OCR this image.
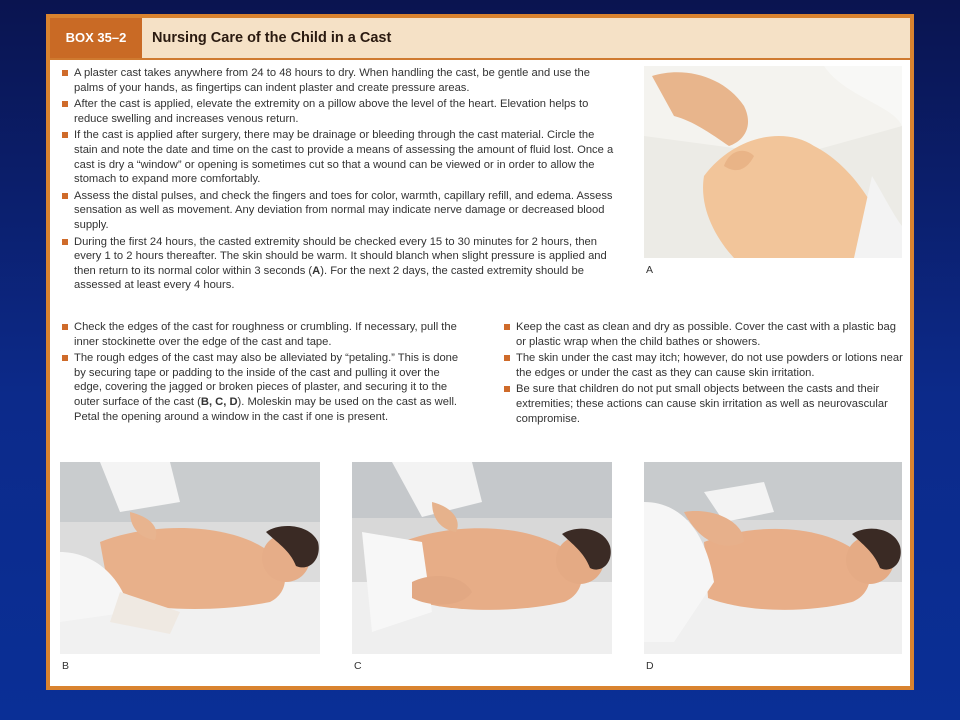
BOX 35–2	Nursing Care of the Child in a Cast
A plaster cast takes anywhere from 24 to 48 hours to dry. When handling the cast, be gentle and use the palms of your hands, as fingertips can indent plaster and create pressure areas.
After the cast is applied, elevate the extremity on a pillow above the level of the heart. Elevation helps to reduce swelling and increases venous return.
If the cast is applied after surgery, there may be drainage or bleeding through the cast material. Circle the stain and note the date and time on the cast to provide a means of assessing the amount of fluid lost. Once a cast is dry a “window” or opening is sometimes cut so that a wound can be viewed or in order to allow the stomach to expand more comfortably.
Assess the distal pulses, and check the fingers and toes for color, warmth, capillary refill, and edema. Assess sensation as well as movement. Any deviation from normal may indicate nerve damage or decreased blood supply.
During the first 24 hours, the casted extremity should be checked every 15 to 30 minutes for 2 hours, then every 1 to 2 hours thereafter. The skin should be warm. It should blanch when slight pressure is applied and then return to its normal color within 3 seconds (A). For the next 2 days, the casted extremity should be assessed at least every 4 hours.
A
Check the edges of the cast for roughness or crumbling. If necessary, pull the inner stockinette over the edge of the cast and tape.
The rough edges of the cast may also be alleviated by “petaling.” This is done by securing tape or padding to the inside of the cast and pulling it over the edge, covering the jagged or broken pieces of plaster, and securing it to the outer surface of the cast (B, C, D). Moleskin may be used on the cast as well. Petal the opening around a window in the cast if one is present.
Keep the cast as clean and dry as possible. Cover the cast with a plastic bag or plastic wrap when the child bathes or showers.
The skin under the cast may itch; however, do not use powders or lotions near the edges or under the cast as they can cause skin irritation.
Be sure that children do not put small objects between the casts and their extremities; these actions can cause skin irritation as well as neurovascular compromise.
B	C	D
